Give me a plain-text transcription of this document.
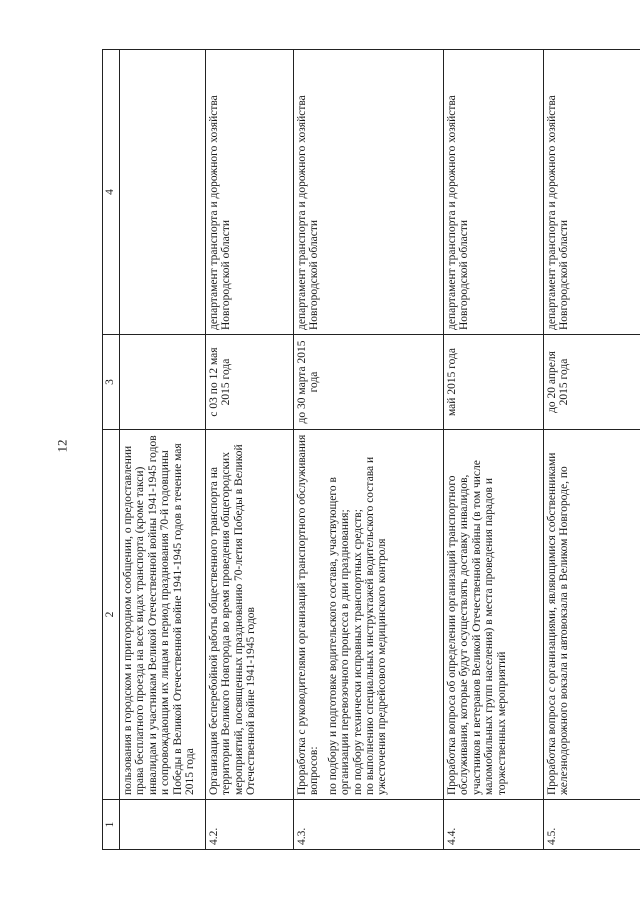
12
1	2	3	4

	пользования в городском и пригородном сообщении, о предоставлении права бесплатного проезда на всех видах транспорта (кроме такси) инвалидам и участникам Великой Отечественной войны 1941-1945 годов и сопровождающим их лицам в период празднования 70-й годовщины Победы в Великой Отечественной войне 1941-1945 годов в течение мая 2015 года		

4.2.	Организация бесперебойной работы общественного транспорта на территории Великого Новгорода во время проведения общегородских мероприятий, посвященных празднованию 70-летия Победы в Великой Отечественной войне 1941-1945 годов	с 03 по 12 мая 2015 года	департамент транспорта и дорожного хозяйства Новгородской области
4.3.	Проработка с руководителями организаций транспортного обслуживания вопросов: по подбору и подготовке водительского состава, участвующего в организации перевозочного процесса в дни празднования; по подбору технически исправных транспортных средств; по выполнению специальных инструктажей водительского состава и ужесточения предрейсового медицинского контроля	до 30 марта 2015 года	департамент транспорта и дорожного хозяйства Новгородской области
4.4.	Проработка вопроса об определении организаций транспортного обслуживания, которые будут осуществлять доставку инвалидов, участников и ветеранов Великой Отечественной войны (в том числе маломобильных групп населения) в места проведения парадов и торжественных мероприятий	май 2015 года	департамент транспорта и дорожного хозяйства Новгородской области
4.5.	Проработка вопроса с организациями, являющимися собственниками железнодорожного вокзала и автовокзала в Великом Новгороде, по	до 20 апреля 2015 года	департамент транспорта и дорожного хозяйства Новгородской области
